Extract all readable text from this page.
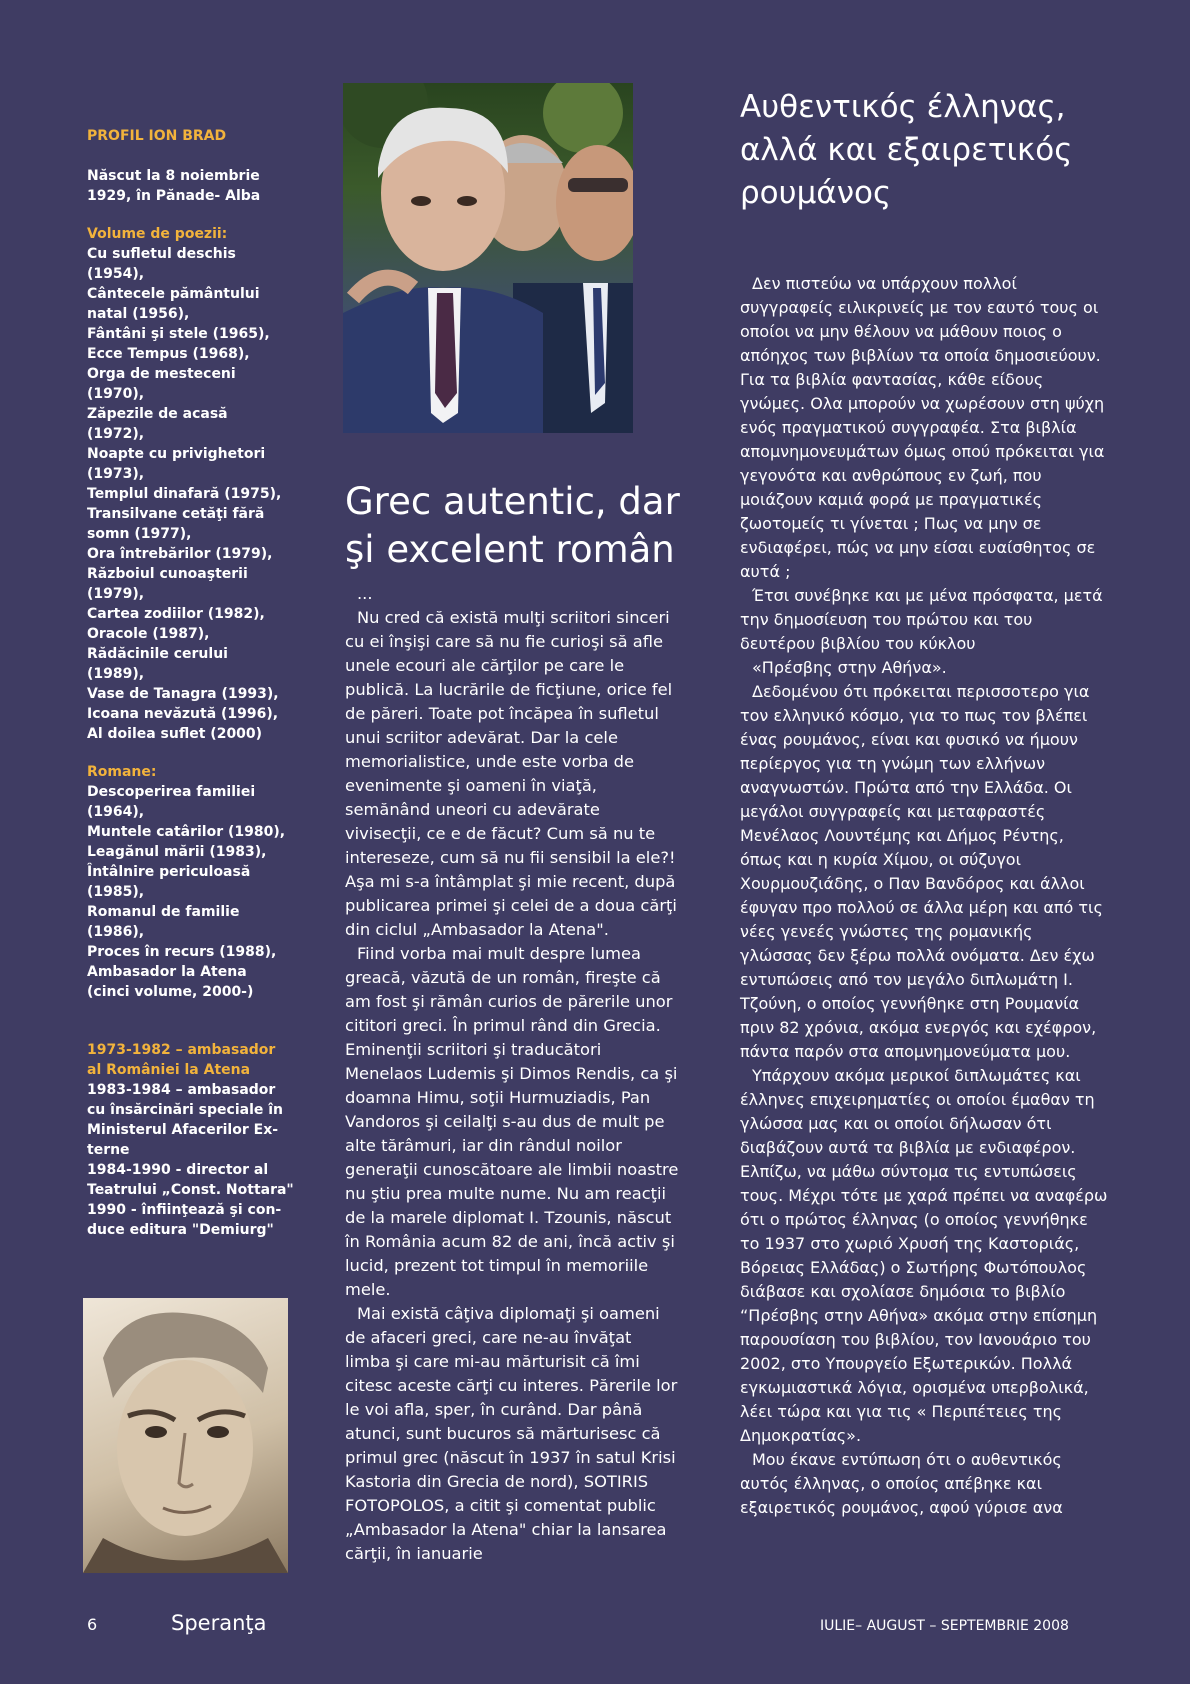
PROFIL ION BRAD
Născut la 8 noiembrie
1929, în Pănade- Alba
Volume de poezii:
Cu sufletul deschis
(1954),
Cântecele pământului
natal (1956),
Fântâni şi stele (1965),
Ecce Tempus (1968),
Orga de mesteceni
(1970),
Zăpezile de acasă
(1972),
Noapte cu privighetori
(1973),
Templul dinafară (1975),
Transilvane cetăţi fără
somn (1977),
Ora întrebărilor (1979),
Războiul cunoaşterii
(1979),
Cartea zodiilor (1982),
Oracole (1987),
Rădăcinile cerului
(1989),
Vase de Tanagra (1993),
Icoana nevăzută (1996),
Al doilea suflet (2000)
Romane:
Descoperirea familiei
(1964),
Muntele catârilor (1980),
Leagănul mării (1983),
Întâlnire periculoasă
(1985),
Romanul de familie
(1986),
Proces în recurs (1988),
Ambasador la Atena
(cinci volume, 2000-)
1973-1982 – ambasador
al României la Atena
1983-1984 – ambasador
cu însărcinări speciale în
Ministerul Afacerilor Ex-
terne
1984-1990 - director al
Teatrului „Const. Nottara"
1990 - înfiinţează şi con-
duce editura "Demiurg"
Grec autentic, dar
şi excelent român

...

Nu cred că există mulţi scriitori sinceri cu ei înşişi care să nu fie curioşi să afle unele ecouri ale cărţilor pe care le publică. La lucrările de ficţiune, orice fel de păreri. Toate pot încăpea în sufletul unui scriitor adevărat. Dar la cele memorialistice, unde este vorba de evenimente şi oameni în viaţă, semănând uneori cu adevărate vivisecţii, ce e de făcut? Cum să nu te intereseze, cum să nu fii sensibil la ele?! Aşa mi s-a întâmplat şi mie recent, după publicarea primei şi celei de a doua cărţi din ciclul „Ambasador la Atena".

Fiind vorba mai mult despre lumea greacă, văzută de un român, fireşte că am fost şi rămân curios de părerile unor cititori greci. În primul rând din Grecia. Eminenţii scriitori şi traducători Menelaos Ludemis şi Dimos Rendis, ca şi doamna Himu, soţii Hurmuziadis, Pan Vandoros şi ceilalţi s-au dus de mult pe alte tărâmuri, iar din rândul noilor generaţii cunoscătoare ale limbii noastre nu ştiu prea multe nume. Nu am reacţii de la marele diplomat I. Tzounis, născut în România acum 82 de ani, încă activ şi lucid, prezent tot timpul în memoriile mele.

Mai există câţiva diplomaţi şi oameni de afaceri greci, care ne-au învăţat limba şi care mi-au mărturisit că îmi citesc aceste cărţi cu interes. Părerile lor le voi afla, sper, în curând. Dar până atunci, sunt bucuros să mărturisesc că primul grec (născut în 1937 în satul Krisi Kastoria din Grecia de nord), SOTIRIS FOTOPOLOS, a citit şi comentat public „Ambasador la Atena" chiar la lansarea cărţii, în ianuarie

Αυθεντικός έλληνας,
αλλά και εξαιρετικός
ρουμάνος

Δεν πιστεύω να υπάρχουν πολλοί συγγραφείς ειλικρινείς με τον εαυτό τους οι οποίοι να μην θέλουν να μάθουν ποιος ο απόηχος των βιβλίων τα οποία δημοσιεύουν. Για τα βιβλία φαντασίας, κάθε είδους γνώμες. Ολα μπορούν να χωρέσουν στη ψύχη ενός πραγματικού συγγραφέα. Στα βιβλία απομνημονευμάτων όμως οπού πρόκειται για γεγονότα και ανθρώπους εν ζωή, που μοιάζουν καμιά φορά με πραγματικές ζωοτομείς τι γίνεται ; Πως να μην σε ενδιαφέρει, πώς να μην είσαι ευαίσθητος σε αυτά ;

Έτσι συνέβηκε και με μένα πρόσφατα, μετά την δημοσίευση του πρώτου και του δευτέρου βιβλίου του κύκλου

«Πρέσβης στην Αθήνα».

Δεδομένου ότι πρόκειται περισσοτερο για τον ελληνικό κόσμο, για το πως τον βλέπει ένας ρουμάνος, είναι και φυσικό να ήμουν περίεργος για τη γνώμη των ελλήνων αναγνωστών. Πρώτα από την Ελλάδα. Οι μεγάλοι συγγραφείς και μεταφραστές Μενέλαος Λουντέμης και Δήμος Ρέντης, όπως και η κυρία Χίμου, οι σύζυγοι Χουρμουζιάδης, ο Παν Βανδόρος και άλλοι έφυγαν προ πολλού σε άλλα μέρη και από τις νέες γενεές γνώστες της ρομανικής γλώσσας δεν ξέρω πολλά ονόματα. Δεν έχω εντυπώσεις από τον μεγάλο διπλωμάτη Ι. Τζούνη, ο οποίος γεννήθηκε στη Ρουμανία πριν 82 χρόνια, ακόμα ενεργός και εχέφρον, πάντα παρόν στα απομνημονεύματα μου.

Υπάρχουν ακόμα μερικοί διπλωμάτες και έλληνες επιχειρηματίες οι οποίοι έμαθαν τη γλώσσα μας και οι οποίοι δήλωσαν ότι διαβάζουν αυτά τα βιβλία με ενδιαφέρον. Ελπίζω, να μάθω σύντομα τις εντυπώσεις τους. Μέχρι τότε με χαρά πρέπει να αναφέρω ότι ο πρώτος έλληνας (ο οποίος γεννήθηκε το 1937 στο χωριό Χρυσή της Καστοριάς, Βόρειας Ελλάδας) ο Σωτήρης Φωτόπουλος διάβασε και σχολίασε δημόσια το βιβλίο “Πρέσβης στην Αθήνα» ακόμα στην επίσημη παρουσίαση του βιβλίου, τον Ιανουάριο του 2002, στο Υπουργείο Εξωτερικών. Πολλά εγκωμιαστικά λόγια, ορισμένα υπερβολικά, λέει τώρα και για τις « Περιπέτειες της Δημοκρατίας».

Μου έκανε εντύπωση ότι ο αυθεντικός αυτός έλληνας, ο οποίος απέβηκε και εξαιρετικός ρουμάνος, αφού γύρισε ανα

6	Speranţa	IULIE– AUGUST – SEPTEMBRIE 2008
